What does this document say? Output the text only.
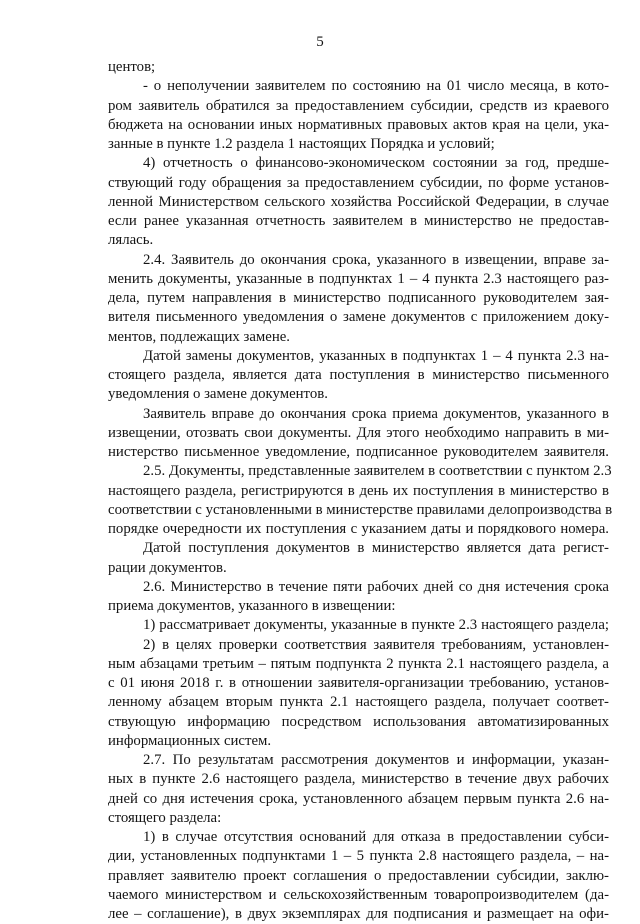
5
центов;
- о неполучении заявителем по состоянию на 01 число месяца, в кото-
ром заявитель обратился за предоставлением субсидии, средств из краевого
бюджета на основании иных нормативных правовых актов края на цели, ука-
занные в пункте 1.2 раздела 1 настоящих Порядка и условий;
4) отчетность о финансово-экономическом состоянии за год, предше-
ствующий году обращения за предоставлением субсидии, по форме установ-
ленной Министерством сельского хозяйства Российской Федерации, в случае
если ранее указанная отчетность заявителем в министерство не предостав-
лялась.
2.4. Заявитель до окончания срока, указанного в извещении, вправе за-
менить документы, указанные в подпунктах 1 – 4 пункта 2.3 настоящего раз-
дела, путем направления в министерство подписанного руководителем зая-
вителя письменного уведомления о замене документов с приложением доку-
ментов, подлежащих замене.
Датой замены документов, указанных в подпунктах 1 – 4 пункта 2.3 на-
стоящего раздела, является дата поступления в министерство письменного
уведомления о замене документов.
Заявитель вправе до окончания срока приема документов, указанного в
извещении, отозвать свои документы. Для этого необходимо направить в ми-
нистерство письменное уведомление, подписанное руководителем заявителя.
2.5. Документы, представленные заявителем в соответствии с пунктом 2.3
настоящего раздела, регистрируются в день их поступления в министерство в
соответствии с установленными в министерстве правилами делопроизводства в
порядке очередности их поступления с указанием даты и порядкового номера.
Датой поступления документов в министерство является дата регист-
рации документов.
2.6. Министерство в течение пяти рабочих дней со дня истечения срока
приема документов, указанного в извещении:
1) рассматривает документы, указанные в пункте 2.3 настоящего раздела;
2) в целях проверки соответствия заявителя требованиям, установлен-
ным абзацами третьим – пятым подпункта 2 пункта 2.1 настоящего раздела, а
с 01 июня 2018 г. в отношении заявителя-организации требованию, установ-
ленному абзацем вторым пункта 2.1 настоящего раздела, получает соответ-
ствующую информацию посредством использования автоматизированных
информационных систем.
2.7. По результатам рассмотрения документов и информации, указан-
ных в пункте 2.6 настоящего раздела, министерство в течение двух рабочих
дней со дня истечения срока, установленного абзацем первым пункта 2.6 на-
стоящего раздела:
1) в случае отсутствия оснований для отказа в предоставлении субси-
дии, установленных подпунктами 1 – 5 пункта 2.8 настоящего раздела, – на-
правляет заявителю проект соглашения о предоставлении субсидии, заклю-
чаемого министерством и сельскохозяйственным товаропроизводителем (да-
лее – соглашение), в двух экземплярах для подписания и размещает на офи-
